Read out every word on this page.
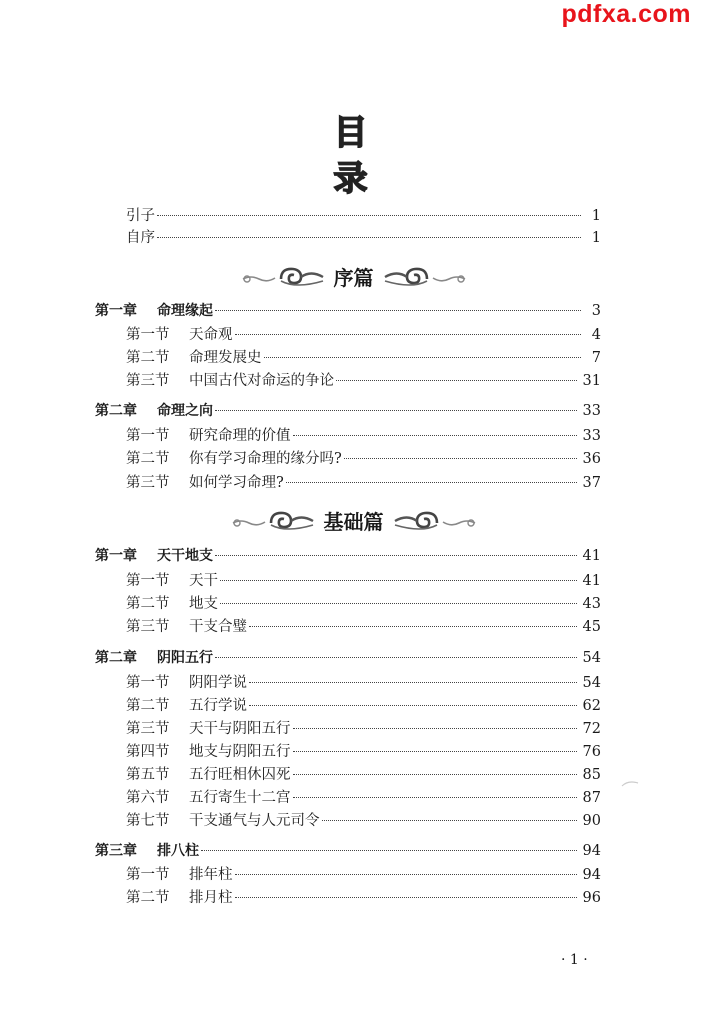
pdfxa.com
目录
引子	1
自序	1
序篇
第一章	命理缘起	3
第一节	天命观	4
第二节	命理发展史	7
第三节	中国古代对命运的争论	31
第二章	命理之向	33
第一节	研究命理的价值	33
第二节	你有学习命理的缘分吗?	36
第三节	如何学习命理?	37
基础篇
第一章	天干地支	41
第一节	天干	41
第二节	地支	43
第三节	干支合璧	45
第二章	阴阳五行	54
第一节	阴阳学说	54
第二节	五行学说	62
第三节	天干与阴阳五行	72
第四节	地支与阴阳五行	76
第五节	五行旺相休囚死	85
第六节	五行寄生十二宫	87
第七节	干支通气与人元司令	90
第三章	排八柱	94
第一节	排年柱	94
第二节	排月柱	96
· 1 ·
